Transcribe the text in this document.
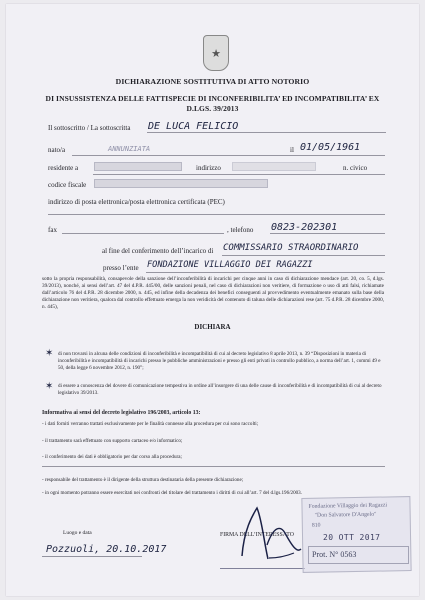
★
DICHIARAZIONE SOSTITUTIVA DI ATTO NOTORIO
DI INSUSSISTENZA DELLE FATTISPECIE DI INCONFERIBILITA’ ED INCOMPATIBILITA’ EX
D.LGS. 39/2013
Il sottoscritto / La sottoscritta DE LUCA FELICIO
nato/a	ANNUNZIATA	il 01/05/1961
residente a	indirizzo	n. civico
codice fiscale
indirizzo di posta elettronica/posta elettronica certificata (PEC)
fax	, telefono 0823-202301
al fine del conferimento dell’incarico di COMMISSARIO STRAORDINARIO
presso l’ente FONDAZIONE VILLAGGIO DEI RAGAZZI
sotto la propria responsabilità, consapevole della sanzione dell’inconferibilità di incarichi per cinque anni in caso di dichiarazione mendace (art. 20, co. 5, d.lgs. 39/2013), nonché, ai sensi dell’art. 47 del d.P.R. 445/00, delle sanzioni penali, nel caso di dichiarazioni non veritiere, di formazione o uso di atti falsi, richiamate dall’articolo 76 del d.P.R. 28 dicembre 2000, n. 445, ed infine della decadenza dei benefici conseguenti al provvedimento eventualmente emanato sulla base della dichiarazione non veritiera, qualora dal controllo effettuato emerga la non veridicità del contenuto di taluna delle dichiarazioni rese (art. 75 d.P.R. 28 dicembre 2000, n. 445),
DICHIARA
✶ di non trovarsi in alcuna delle condizioni di inconferibilità e incompatibilità di cui al decreto legislativo 8 aprile 2013, n. 39 “Disposizioni in materia di inconferibilità e incompatibilità di incarichi presso le pubbliche amministrazioni e presso gli enti privati in controllo pubblico, a norma dell’art. 1, commi 49 e 50, della legge 6 novembre 2012, n. 190”;
✶ di essere a conoscenza del dovere di comunicazione tempestiva in ordine all’insorgere di una delle cause di inconferibilità e di incompatibilità di cui al decreto legislativo 39/2013.
Informativa ai sensi del decreto legislativo 196/2003, articolo 13:
- i dati forniti verranno trattati esclusivamente per le finalità connesse alla procedura per cui sono raccolti;
- il trattamento sarà effettuato con supporto cartaceo e/o informatico;
- il conferimento dei dati è obbligatorio per dar corso alla procedura;
- responsabile del trattamento è il dirigente della struttura destinataria della presente dichiarazione;
- in ogni momento potranno essere esercitati nei confronti del titolare del trattamento i diritti di cui all’art. 7 del d.lgs.196/2003.
Luogo e data
Pozzuoli, 20.10.2017
FIRMA DELL’INTERESSATO
Fondazione Villaggio dei Ragazzi
"Don Salvatore D'Angelo"
810
20 OTT 2017
Prot. N° 0563
